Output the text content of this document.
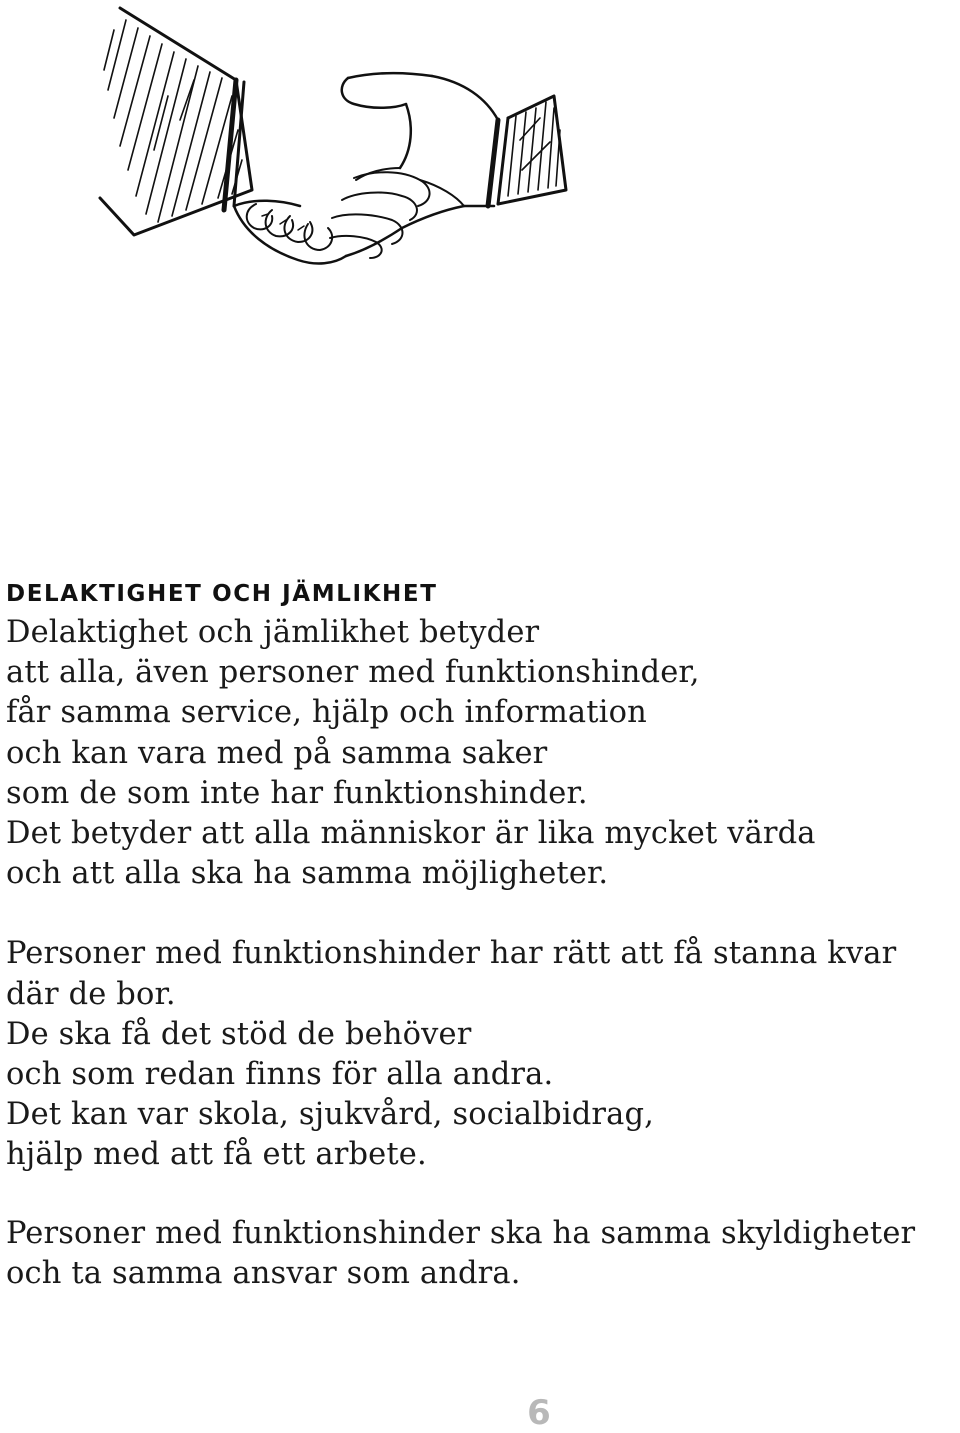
DELAKTIGHET OCH JÄMLIKHET

Delaktighet och jämlikhet betyder
att alla, även personer med funktionshinder,
får samma service, hjälp och information
och kan vara med på samma saker
som de som inte har funktionshinder.
Det betyder att alla människor är lika mycket värda
och att alla ska ha samma möjligheter.

Personer med funktionshinder har rätt att få stanna kvar
där de bor.
De ska få det stöd de behöver
och som redan finns för alla andra.
Det kan var skola, sjukvård, socialbidrag,
hjälp med att få ett arbete.

Personer med funktionshinder ska ha samma skyldigheter
och ta samma ansvar som andra.

6
